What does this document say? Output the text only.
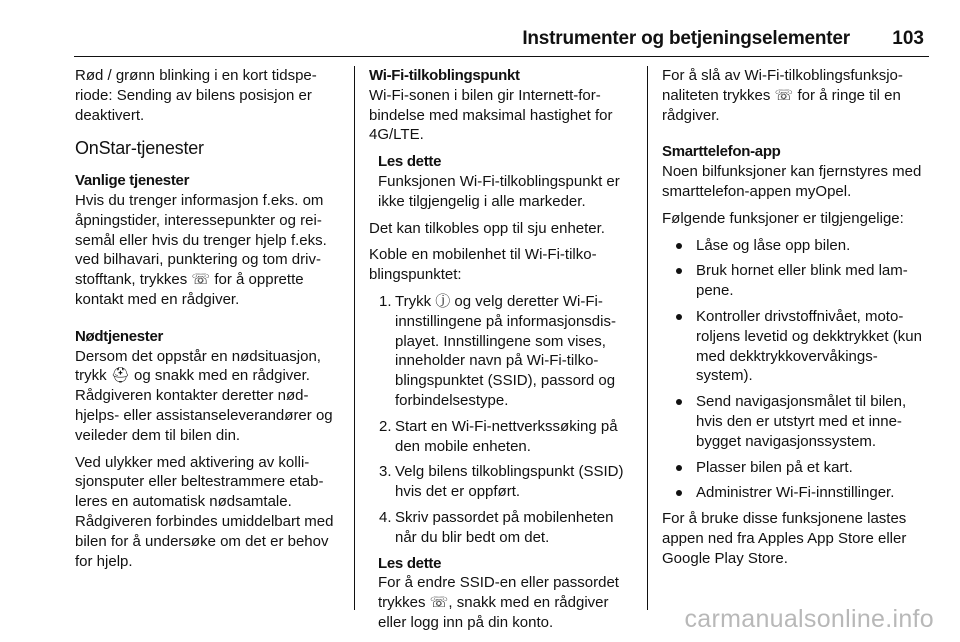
Instrumenter og betjeningselementer 103

Rød / grønn blinking i en kort tidspe-riode: Sending av bilens posisjon er deaktivert.

OnStar-tjenester
Vanlige tjenester

Hvis du trenger informasjon f.eks. om åpningstider, interessepunkter og rei-semål eller hvis du trenger hjelp f.eks. ved bilhavari, punktering og tom driv-stofftank, trykkes ☏ for å opprette kontakt med en rådgiver.

Nødtjenester

Dersom det oppstår en nødsituasjon, trykk ⛑ og snakk med en rådgiver. Rådgiveren kontakter deretter nød-hjelps- eller assistanseleverandører og veileder dem til bilen din.

Ved ulykker med aktivering av kolli-sjonsputer eller beltestrammere etab-leres en automatisk nødsamtale. Rådgiveren forbindes umiddelbart med bilen for å undersøke om det er behov for hjelp.

Wi-Fi-tilkoblingspunkt

Wi-Fi-sonen i bilen gir Internett-for-bindelse med maksimal hastighet for 4G/LTE.

Les dette
Funksjonen Wi-Fi-tilkoblingspunkt er ikke tilgjengelig i alle markeder.

Det kan tilkobles opp til sju enheter.

Koble en mobilenhet til Wi-Fi-tilko-blingspunktet:

1. Trykk ⓙ og velg deretter Wi-Fi-innstillingene på informasjonsdis-playet. Innstillingene som vises, inneholder navn på Wi-Fi-tilko-blingspunktet (SSID), passord og forbindelsestype.
2. Start en Wi-Fi-nettverkssøking på den mobile enheten.
3. Velg bilens tilkoblingspunkt (SSID) hvis det er oppført.
4. Skriv passordet på mobilenheten når du blir bedt om det.
Les dette
For å endre SSID-en eller passordet trykkes ☏, snakk med en rådgiver eller logg inn på din konto.

For å slå av Wi-Fi-tilkoblingsfunksjo-naliteten trykkes ☏ for å ringe til en rådgiver.

Smarttelefon-app

Noen bilfunksjoner kan fjernstyres med smarttelefon-appen myOpel.

Følgende funksjoner er tilgjengelige:

Låse og låse opp bilen.
Bruk hornet eller blink med lam-pene.
Kontroller drivstoffnivået, moto-roljens levetid og dekktrykket (kun med dekktrykkovervåkings-system).
Send navigasjonsmålet til bilen, hvis den er utstyrt med et inne-bygget navigasjonssystem.
Plasser bilen på et kart.
Administrer Wi-Fi-innstillinger.

For å bruke disse funksjonene lastes appen ned fra Apples App Store eller Google Play Store.

carmanualsonline.info
